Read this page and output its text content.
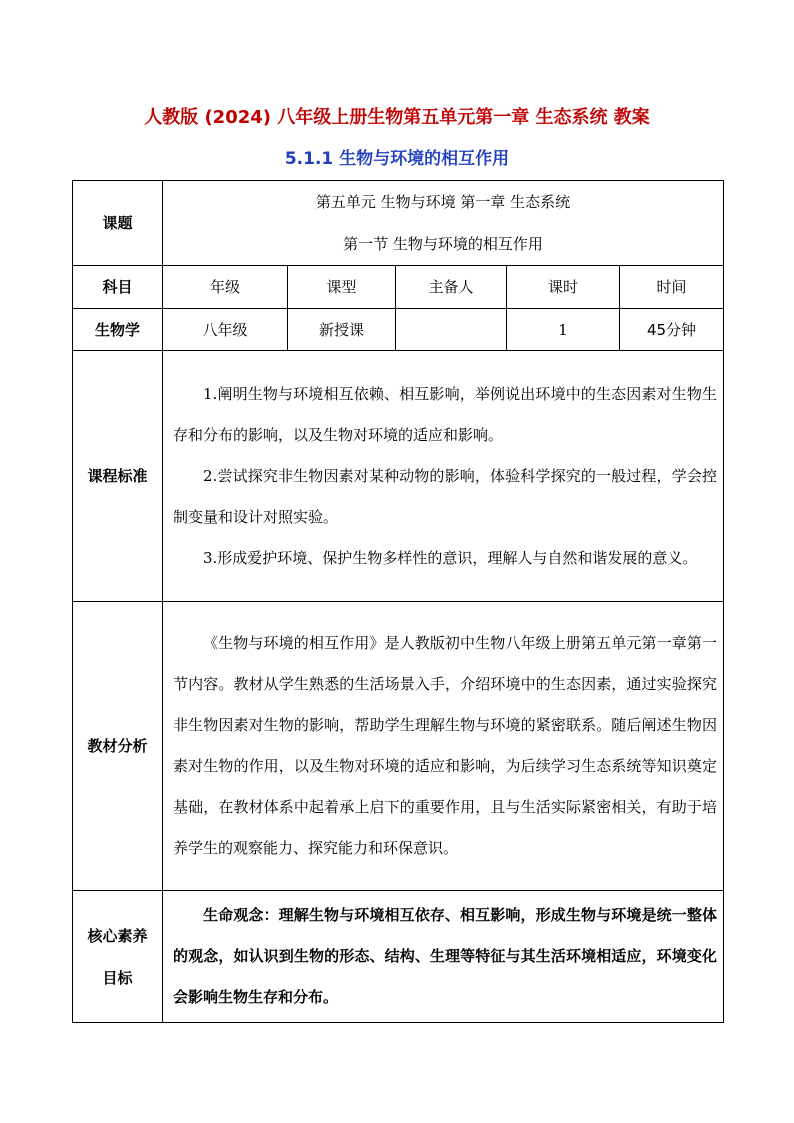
人教版 (2024) 八年级上册生物第五单元第一章 生态系统 教案
5.1.1 生物与环境的相互作用
课题	第五单元 生物与环境 第一章 生态系统
第一节 生物与环境的相互作用				

科目	年级	课型	主备人	课时	时间
生物学	八年级	新授课		1	45分钟
课程标准	1.阐明生物与环境相互依赖、相互影响，举例说出环境中的生态因素对生物生存和分布的影响，以及生物对环境的适应和影响。

2.尝试探究非生物因素对某种动物的影响，体验科学探究的一般过程，学会控制变量和设计对照实验。

3.形成爱护环境、保护生物多样性的意识，理解人与自然和谐发展的意义。				

教材分析	《生物与环境的相互作用》是人教版初中生物八年级上册第五单元第一章第一节内容。教材从学生熟悉的生活场景入手，介绍环境中的生态因素，通过实验探究非生物因素对生物的影响，帮助学生理解生物与环境的紧密联系。随后阐述生物因素对生物的作用，以及生物对环境的适应和影响，为后续学习生态系统等知识奠定基础，在教材体系中起着承上启下的重要作用，且与生活实际紧密相关，有助于培养学生的观察能力、探究能力和环保意识。				

核心素养
目标	生命观念：理解生物与环境相互依存、相互影响，形成生物与环境是统一整体的观念，如认识到生物的形态、结构、生理等特征与其生活环境相适应，环境变化会影响生物生存和分布。				
